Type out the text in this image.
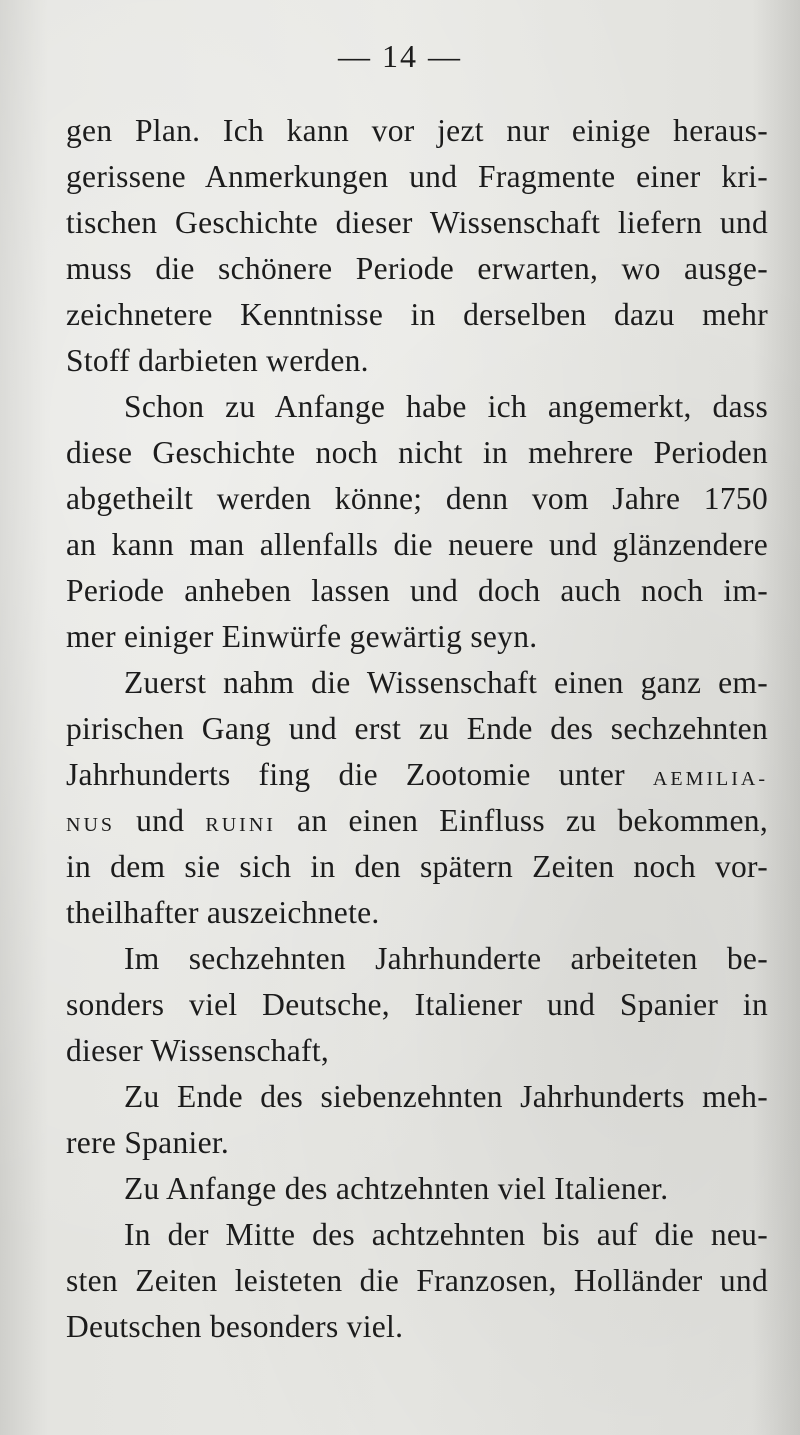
— 14 —
gen Plan. Ich kann vor jezt nur einige heraus-
gerissene Anmerkungen und Fragmente einer kri-
tischen Geschichte dieser Wissenschaft liefern und
muss die schönere Periode erwarten, wo ausge-
zeichnetere Kenntnisse in derselben dazu mehr
Stoff darbieten werden.
Schon zu Anfange habe ich angemerkt, dass
diese Geschichte noch nicht in mehrere Perioden
abgetheilt werden könne; denn vom Jahre 1750
an kann man allenfalls die neuere und glänzendere
Periode anheben lassen und doch auch noch im-
mer einiger Einwürfe gewärtig seyn.
Zuerst nahm die Wissenschaft einen ganz em-
pirischen Gang und erst zu Ende des sechzehnten
Jahrhunderts fing die Zootomie unter AEMILIA-
NUS und RUINI an einen Einfluss zu bekommen,
in dem sie sich in den spätern Zeiten noch vor-
theilhafter auszeichnete.
Im sechzehnten Jahrhunderte arbeiteten be-
sonders viel Deutsche, Italiener und Spanier in
dieser Wissenschaft,
Zu Ende des siebenzehnten Jahrhunderts meh-
rere Spanier.
Zu Anfange des achtzehnten viel Italiener.
In der Mitte des achtzehnten bis auf die neu-
sten Zeiten leisteten die Franzosen, Holländer und
Deutschen besonders viel.
